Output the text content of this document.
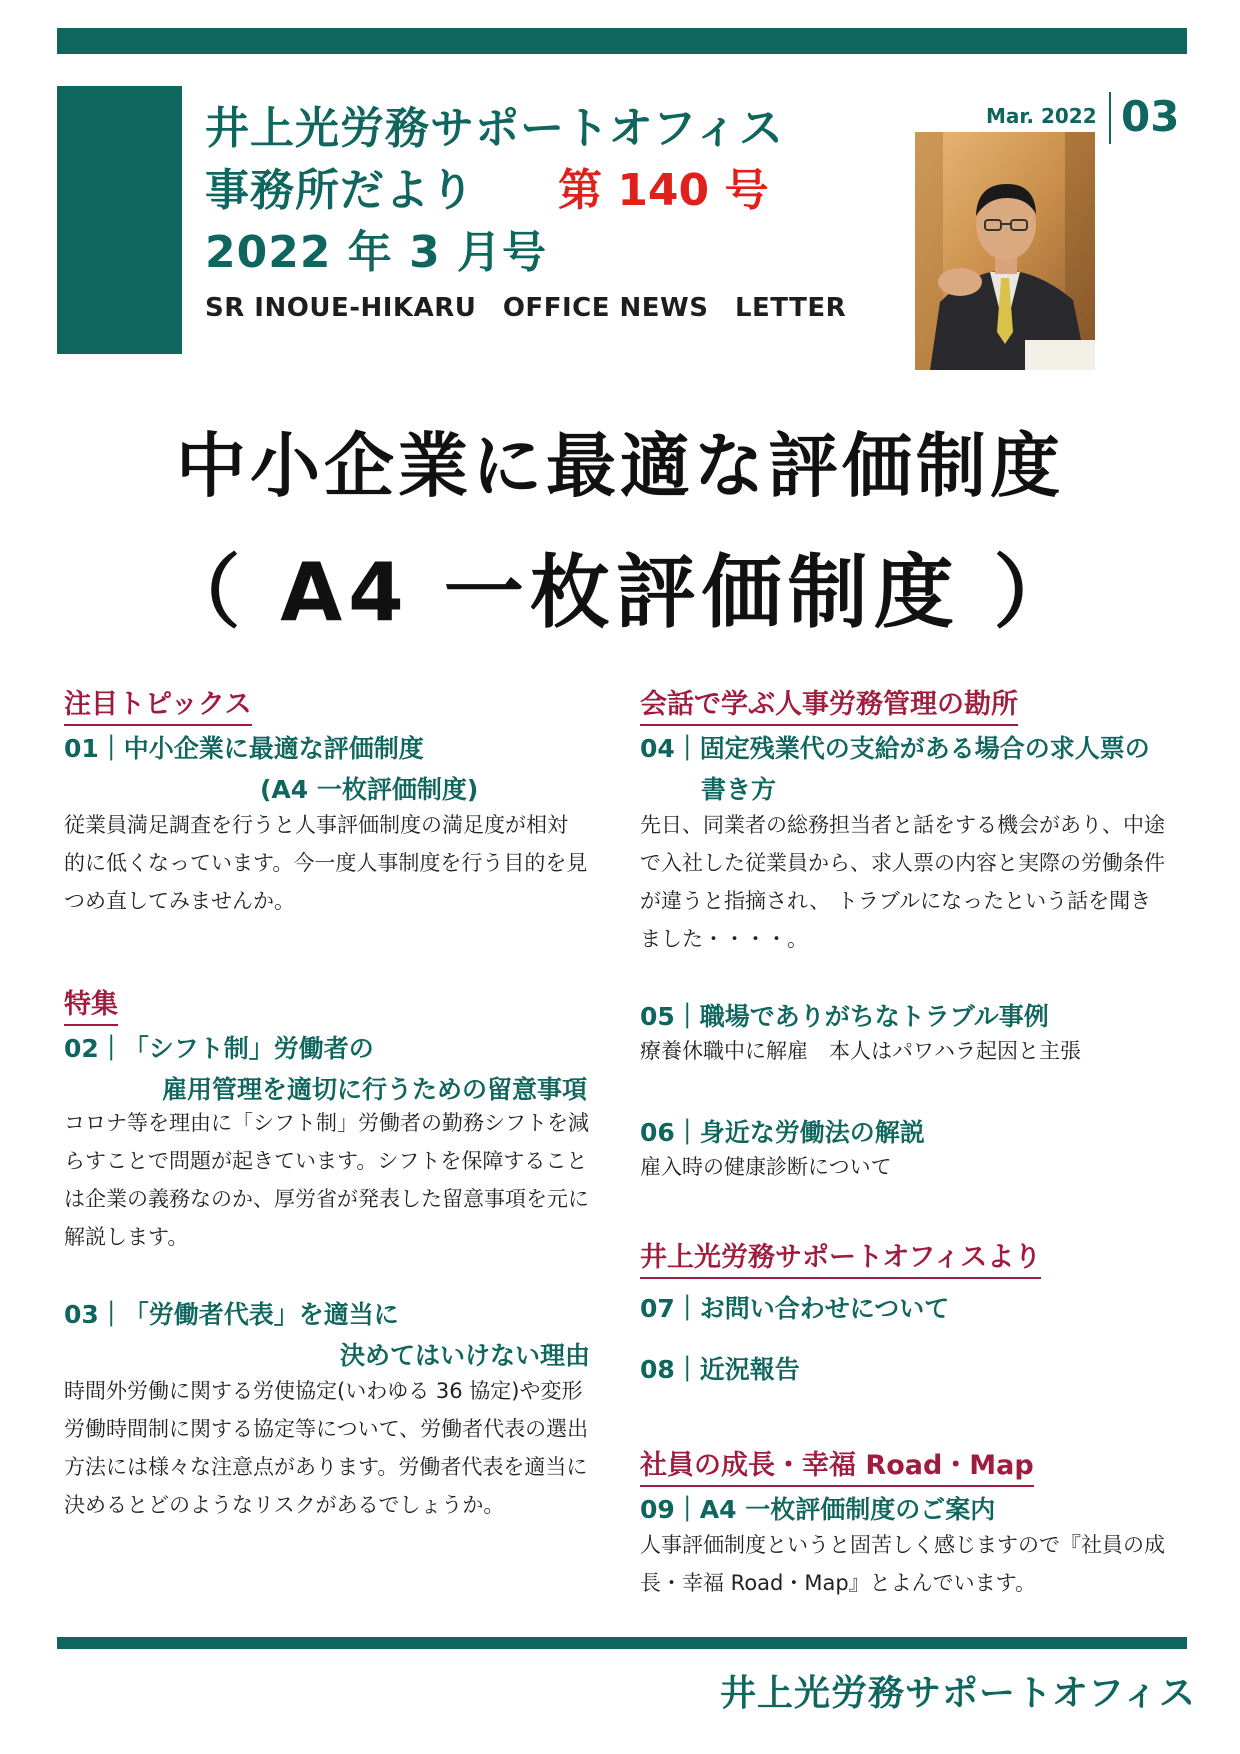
井上光労務サポートオフィス
事務所だより 第 140 号
2022 年 3 月号
SR INOUE-HIKARU　OFFICE NEWS　LETTER
Mar. 2022 03
中小企業に最適な評価制度
（ A4 一枚評価制度 ）
注目トピックス
01｜中小企業に最適な評価制度
(A4 一枚評価制度)
従業員満足調査を行うと人事評価制度の満足度が相対
的に低くなっています。今一度人事制度を行う目的を見
つめ直してみませんか。
特集
02｜「シフト制」労働者の
雇用管理を適切に行うための留意事項
コロナ等を理由に「シフト制」労働者の勤務シフトを減
らすことで問題が起きています。シフトを保障すること
は企業の義務なのか、厚労省が発表した留意事項を元に
解説します。
03｜「労働者代表」を適当に
決めてはいけない理由
時間外労働に関する労使協定(いわゆる 36 協定)や変形
労働時間制に関する協定等について、労働者代表の選出
方法には様々な注意点があります。労働者代表を適当に
決めるとどのようなリスクがあるでしょうか。
会話で学ぶ人事労務管理の勘所
04｜固定残業代の支給がある場合の求人票の
書き方
先日、同業者の総務担当者と話をする機会があり、中途
で入社した従業員から、求人票の内容と実際の労働条件
が違うと指摘され、 トラブルになったという話を聞き
ました・・・・。
05｜職場でありがちなトラブル事例
療養休職中に解雇　本人はパワハラ起因と主張
06｜身近な労働法の解説
雇入時の健康診断について
井上光労務サポートオフィスより
07｜お問い合わせについて
08｜近況報告
社員の成長・幸福 Road・Map
09｜A4 一枚評価制度のご案内
人事評価制度というと固苦しく感じますので『社員の成
長・幸福 Road・Map』とよんでいます。
井上光労務サポートオフィス
